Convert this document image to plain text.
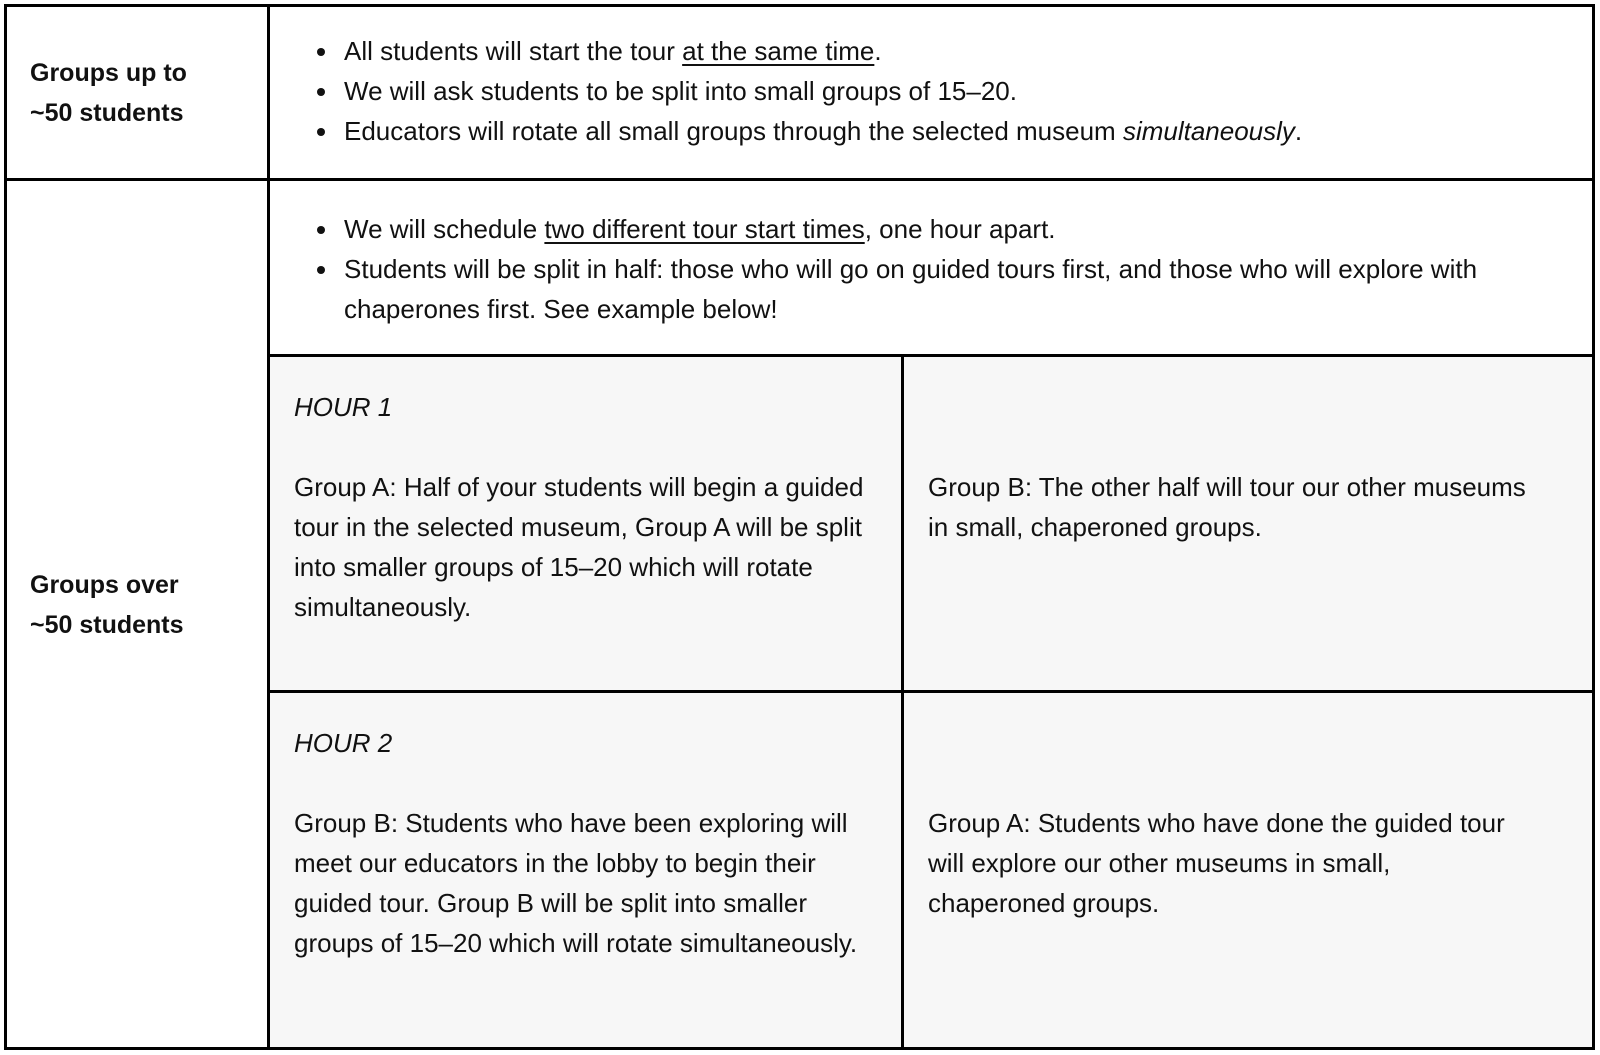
Groups up to
~50 students
• All students will start the tour at the same time.
• We will ask students to be split into small groups of 15–20.
• Educators will rotate all small groups through the selected museum simultaneously.
Groups over
~50 students
• We will schedule two different tour start times, one hour apart.
• Students will be split in half: those who will go on guided tours first, and those who will explore with chaperones first. See example below!
HOUR 1
Group A: Half of your students will begin a guided tour in the selected museum, Group A will be split into smaller groups of 15–20 which will rotate simultaneously.
Group B: The other half will tour our other museums in small, chaperoned groups.
HOUR 2
Group B: Students who have been exploring will meet our educators in the lobby to begin their guided tour. Group B will be split into smaller groups of 15–20 which will rotate simultaneously.
Group A: Students who have done the guided tour will explore our other museums in small, chaperoned groups.
